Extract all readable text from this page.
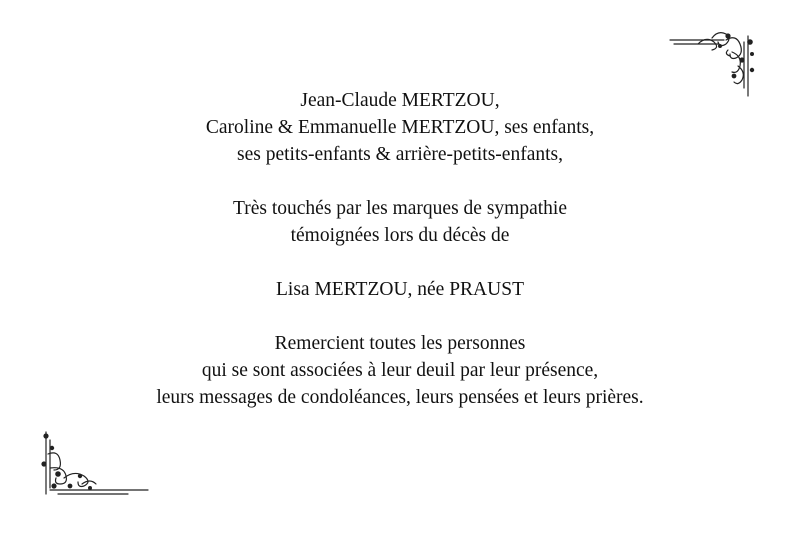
Jean-Claude MERTZOU,
Caroline & Emmanuelle MERTZOU, ses enfants,
ses petits-enfants & arrière-petits-enfants,
Très touchés par les marques de sympathie
témoignées lors du décès de
Lisa MERTZOU, née PRAUST
Remercient toutes les personnes
qui se sont associées à leur deuil par leur présence,
leurs messages de condoléances, leurs pensées et leurs prières.
